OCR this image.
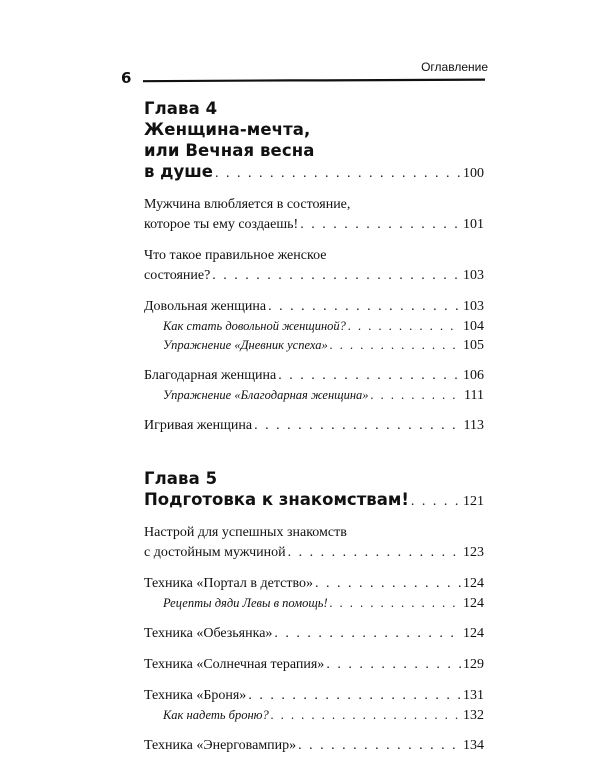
Оглавление
6
Глава 4
Женщина-мечта,
или Вечная весна
в душе . . .	100
Мужчина влюбляется в состояние,
которое ты ему создаешь! . . .	101
Что такое правильное женское
состояние? . . .	103
Довольная женщина . . .	103
Как стать довольной женщиной? . . .	104
Упражнение «Дневник успеха» . . .	105
Благодарная женщина . . .	106
Упражнение «Благодарная женщина» . . .	111
Игривая женщина . . .	113
Глава 5
Подготовка к знакомствам! . . .	121
Настрой для успешных знакомств
с достойным мужчиной . . .	123
Техника «Портал в детство» . . .	124
Рецепты дяди Левы в помощь! . . .	124
Техника «Обезьянка» . . .	124
Техника «Солнечная терапия» . . .	129
Техника «Броня» . . .	131
Как надеть броню? . . .	132
Техника «Энерговампир» . . .	134
